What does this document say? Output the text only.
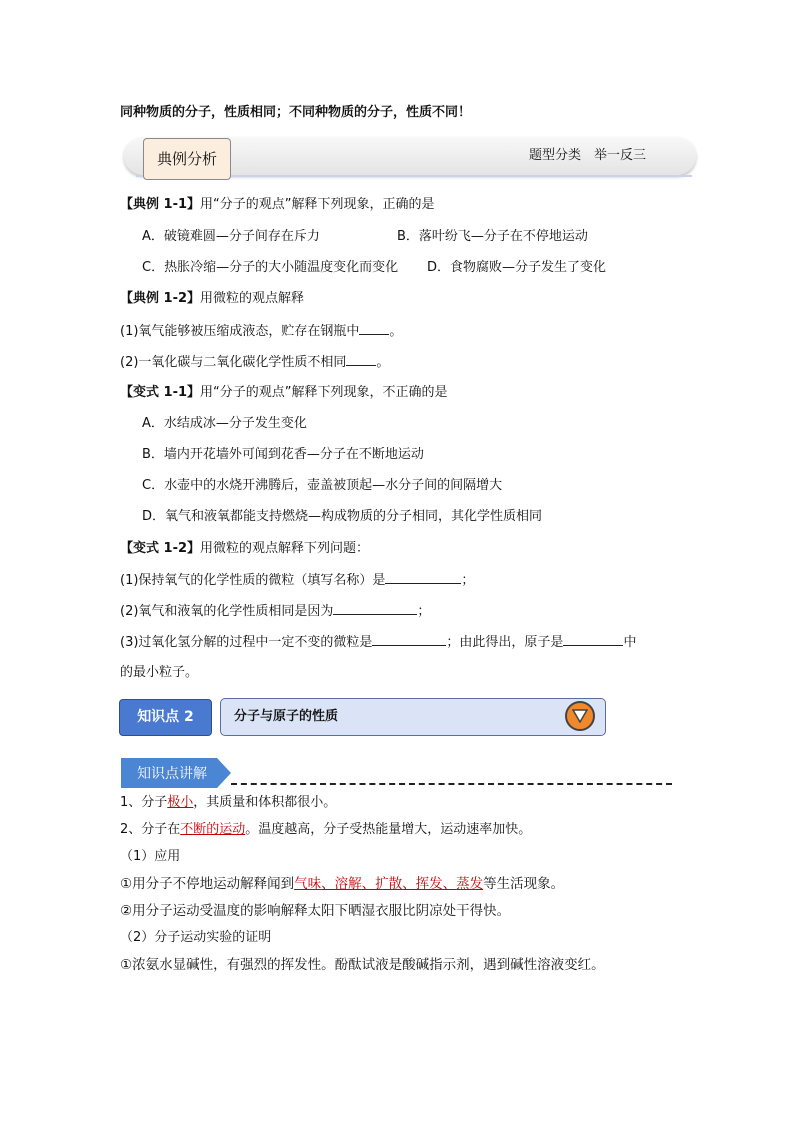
同种物质的分子，性质相同；不同种物质的分子，性质不同！
典例分析	题型分类　举一反三
【典例 1-1】用“分子的观点”解释下列现象，正确的是
A．破镜难圆—分子间存在斥力	B．落叶纷飞—分子在不停地运动
C．热胀冷缩—分子的大小随温度变化而变化 D．食物腐败—分子发生了变化
【典例 1-2】用微粒的观点解释
(1)氧气能够被压缩成液态，贮存在钢瓶中 。
(2)一氧化碳与二氧化碳化学性质不相同 。
【变式 1-1】用“分子的观点”解释下列现象，不正确的是
A．水结成冰—分子发生变化
B．墙内开花墙外可闻到花香—分子在不断地运动
C．水壶中的水烧开沸腾后，壶盖被顶起—水分子间的间隔增大
D．氧气和液氧都能支持燃烧—构成物质的分子相同，其化学性质相同
【变式 1-2】用微粒的观点解释下列问题：
(1)保持氧气的化学性质的微粒（填写名称）是	；
(2)氧气和液氧的化学性质相同是因为	；
(3)过氧化氢分解的过程中一定不变的微粒是	；由此得出，原子是	中
的最小粒子。
知识点 2	分子与原子的性质
知识点讲解
1、分子极小，其质量和体积都很小。
2、分子在不断的运动。温度越高，分子受热能量增大，运动速率加快。
（1）应用
①用分子不停地运动解释闻到气味、溶解、扩散、挥发、蒸发等生活现象。
②用分子运动受温度的影响解释太阳下晒湿衣服比阴凉处干得快。
（2）分子运动实验的证明
①浓氨水显碱性，有强烈的挥发性。酚酞试液是酸碱指示剂，遇到碱性溶液变红。
